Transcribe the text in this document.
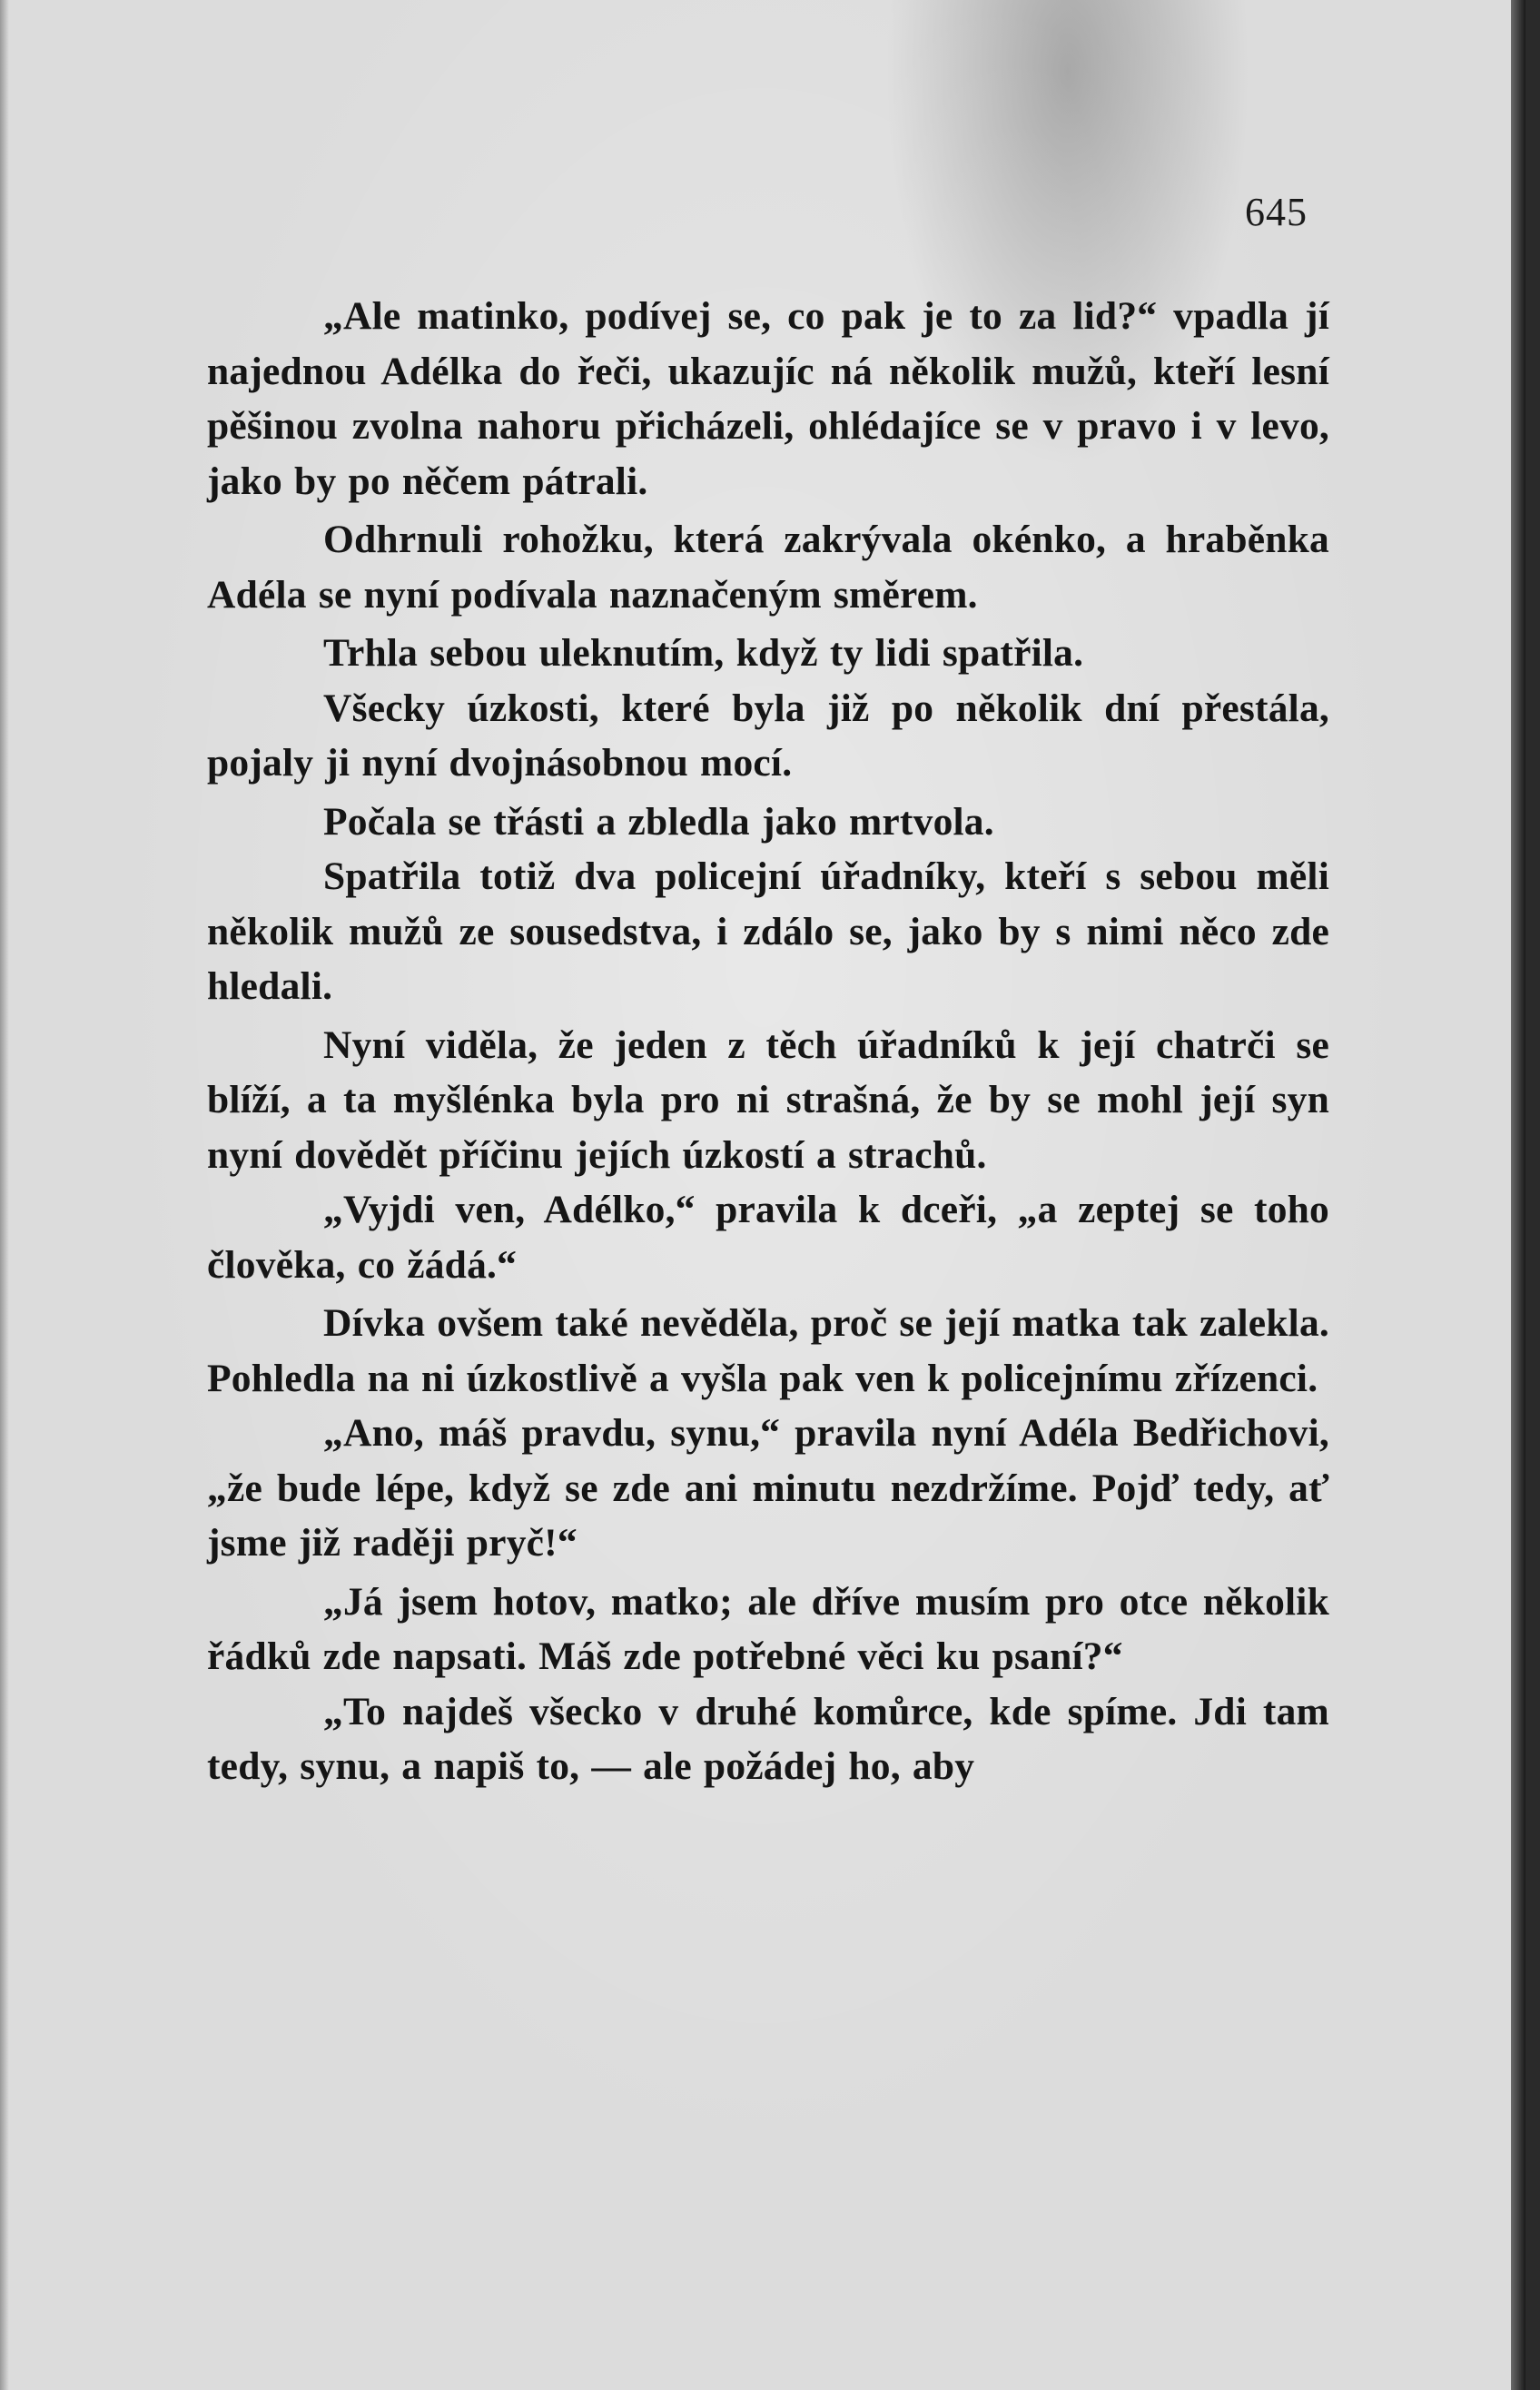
645

„Ale matinko, podívej se, co pak je to za lid?“ vpadla jí najednou Adélka do řeči, ukazujíc ná několik mužů, kteří lesní pěšinou zvolna nahoru přicházeli, ohlédajíce se v pravo i v levo, jako by po něčem pátrali.

Odhrnuli rohožku, která zakrývala okénko, a hraběnka Adéla se nyní podívala naznačeným směrem.

Trhla sebou uleknutím, když ty lidi spatřila.

Všecky úzkosti, které byla již po několik dní přestála, pojaly ji nyní dvojnásobnou mocí.

Počala se třásti a zbledla jako mrtvola.

Spatřila totiž dva policejní úřadníky, kteří s sebou měli několik mužů ze sousedstva, i zdálo se, jako by s nimi něco zde hledali.

Nyní viděla, že jeden z těch úřadníků k její chatrči se blíží, a ta myšlénka byla pro ni strašná, že by se mohl její syn nyní dovědět příčinu jejích úzkostí a strachů.

„Vyjdi ven, Adélko,“ pravila k dceři, „a zeptej se toho člověka, co žádá.“

Dívka ovšem také nevěděla, proč se její matka tak zalekla. Pohledla na ni úzkostlivě a vyšla pak ven k policejnímu zřízenci.

„Ano, máš pravdu, synu,“ pravila nyní Adéla Bedřichovi, „že bude lépe, když se zde ani minutu nezdržíme. Pojď tedy, ať jsme již raději pryč!“

„Já jsem hotov, matko; ale dříve musím pro otce několik řádků zde napsati. Máš zde potřebné věci ku psaní?“

„To najdeš všecko v druhé komůrce, kde spíme. Jdi tam tedy, synu, a napiš to, — ale požádej ho, aby
